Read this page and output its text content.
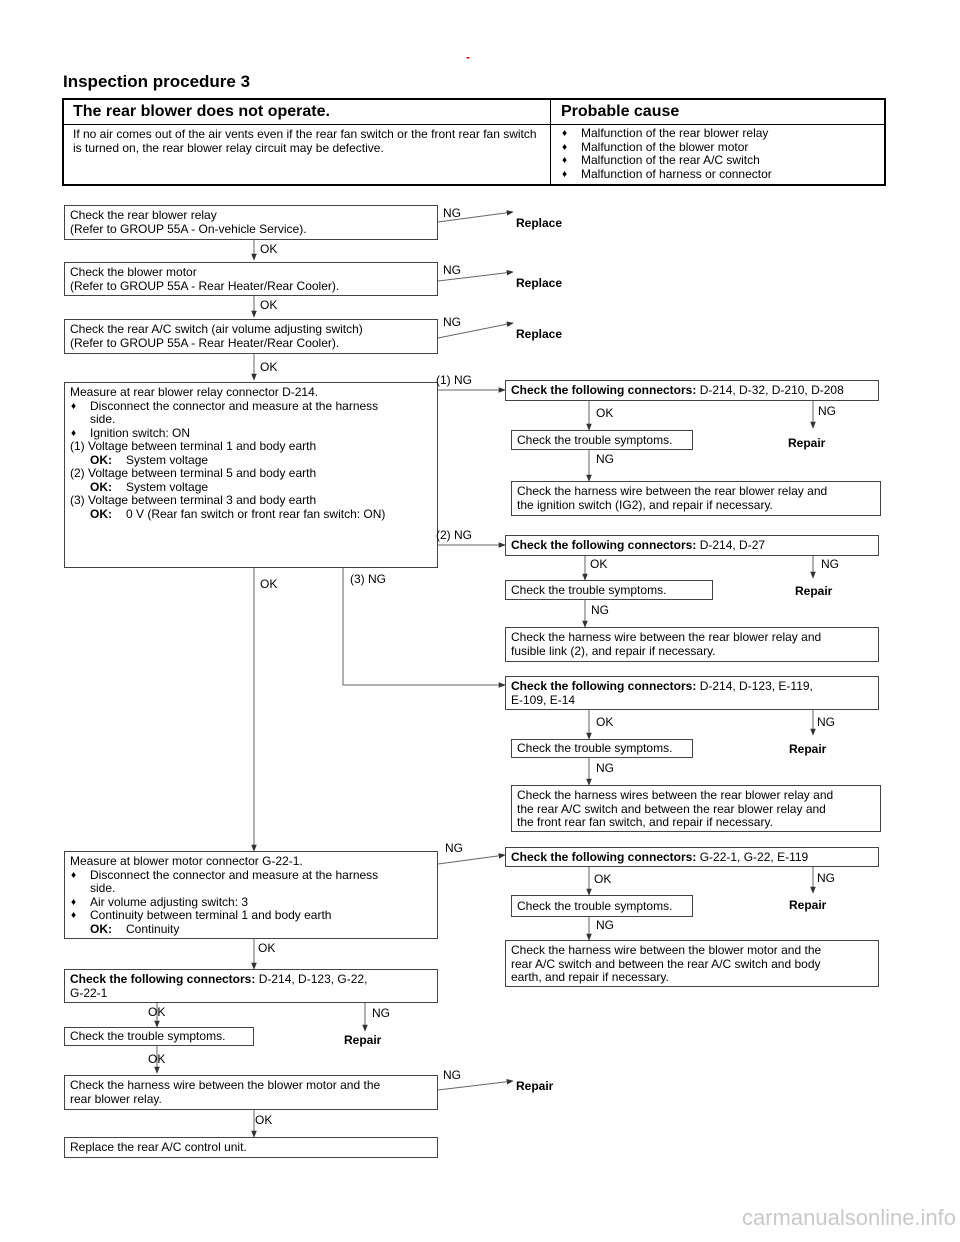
-
Inspection procedure 3
The rear blower does not operate.	Probable cause
If no air comes out of the air vents even if the rear fan switch or the front rear fan switch is turned on, the rear blower relay circuit may be defective.
♦ Malfunction of the rear blower relay
♦ Malfunction of the blower motor
♦ Malfunction of the rear A/C switch
♦ Malfunction of harness or connector
Check the rear blower relay
(Refer to GROUP 55A - On-vehicle Service).
Check the blower motor
(Refer to GROUP 55A - Rear Heater/Rear Cooler).
Check the rear A/C switch (air volume adjusting switch)
(Refer to GROUP 55A - Rear Heater/Rear Cooler).
Measure at rear blower relay connector D-214.
♦ Disconnect the connector and measure at the harness
side.
♦ Ignition switch: ON
(1) Voltage between terminal 1 and body earth
OK: System voltage
(2) Voltage between terminal 5 and body earth
OK: System voltage
(3) Voltage between terminal 3 and body earth
OK: 0 V (Rear fan switch or front rear fan switch: ON)
Measure at blower motor connector G-22-1.
♦ Disconnect the connector and measure at the harness
side.
♦ Air volume adjusting switch: 3
♦ Continuity between terminal 1 and body earth
OK: Continuity
Check the following connectors: D-214, D-123, G-22,
G-22-1
Check the trouble symptoms.
Check the harness wire between the blower motor and the
rear blower relay.
Replace the rear A/C control unit.
Check the following connectors: D-214, D-32, D-210, D-208
Check the trouble symptoms.
Check the harness wire between the rear blower relay and
the ignition switch (IG2), and repair if necessary.
Check the following connectors: D-214, D-27
Check the trouble symptoms.
Check the harness wire between the rear blower relay and
fusible link (2), and repair if necessary.
Check the following connectors: D-214, D-123, E-119,
E-109, E-14
Check the trouble symptoms.
Check the harness wires between the rear blower relay and
the rear A/C switch and between the rear blower relay and
the front rear fan switch, and repair if necessary.
Check the following connectors: G-22-1, G-22, E-119
Check the trouble symptoms.
Check the harness wire between the blower motor and the
rear A/C switch and between the rear A/C switch and body
earth, and repair if necessary.
OK
OK
OK
OK
OK
OK
OK
OK
OK
OK
OK
OK
NG
NG
NG
(1) NG
(2) NG
(3) NG
NG
NG
NG
NG
NG
NG
NG
NG
NG
NG
NG
Replace
Replace
Replace
Repair
Repair
Repair
Repair
Repair
Repair
carmanualsonline.info
